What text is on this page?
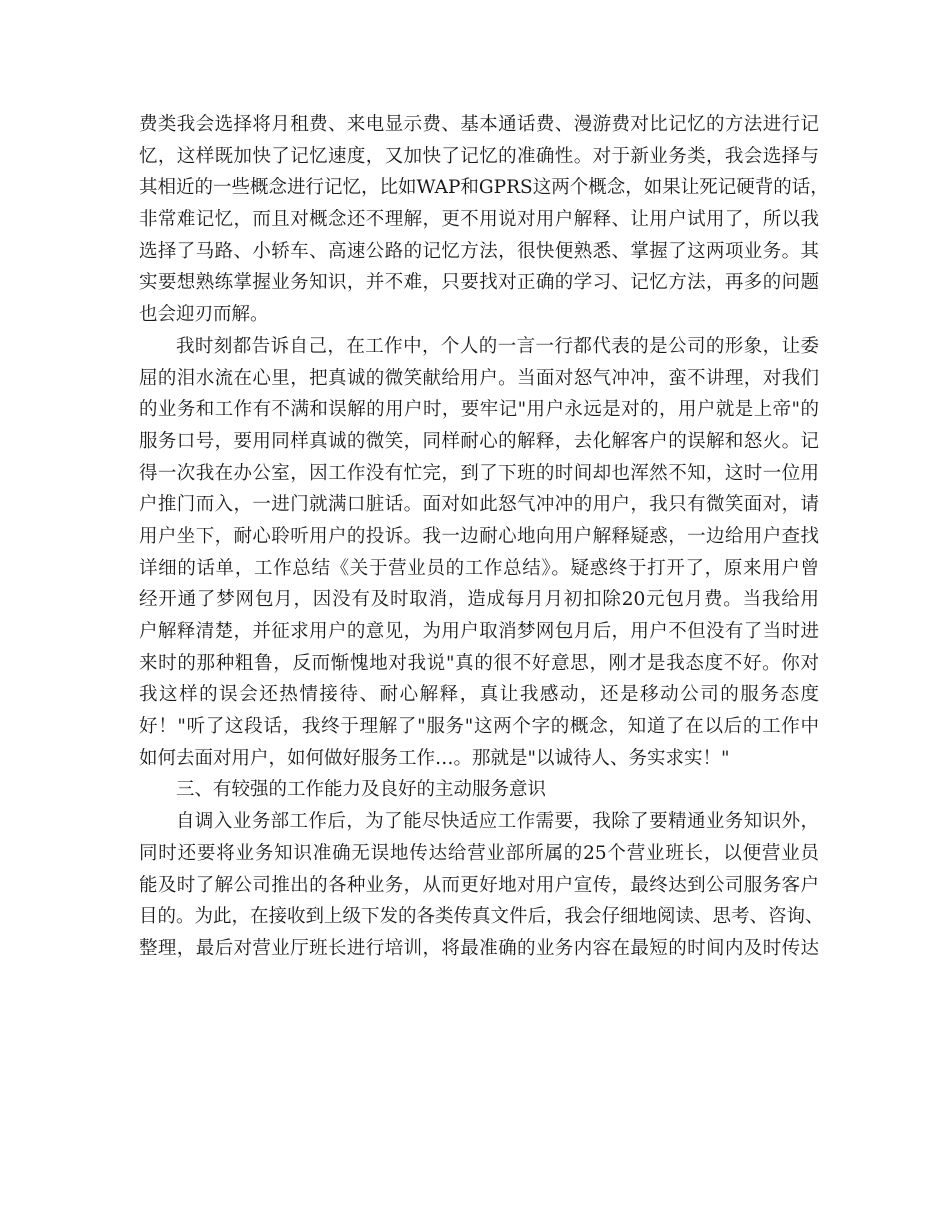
费类我会选择将月租费、来电显示费、基本通话费、漫游费对比记忆的方法进行记
忆，这样既加快了记忆速度，又加快了记忆的准确性。对于新业务类，我会选择与
其相近的一些概念进行记忆，比如WAP和GPRS这两个概念，如果让死记硬背的话，
非常难记忆，而且对概念还不理解，更不用说对用户解释、让用户试用了，所以我
选择了马路、小轿车、高速公路的记忆方法，很快便熟悉、掌握了这两项业务。其
实要想熟练掌握业务知识，并不难，只要找对正确的学习、记忆方法，再多的问题
也会迎刃而解。
我时刻都告诉自己，在工作中，个人的一言一行都代表的是公司的形象，让委
屈的泪水流在心里，把真诚的微笑献给用户。当面对怒气冲冲，蛮不讲理，对我们
的业务和工作有不满和误解的用户时，要牢记"用户永远是对的，用户就是上帝"的
服务口号，要用同样真诚的微笑，同样耐心的解释，去化解客户的误解和怒火。记
得一次我在办公室，因工作没有忙完，到了下班的时间却也浑然不知，这时一位用
户推门而入，一进门就满口脏话。面对如此怒气冲冲的用户，我只有微笑面对，请
用户坐下，耐心聆听用户的投诉。我一边耐心地向用户解释疑惑，一边给用户查找
详细的话单，工作总结《关于营业员的工作总结》。疑惑终于打开了，原来用户曾
经开通了梦网包月，因没有及时取消，造成每月月初扣除20元包月费。当我给用
户解释清楚，并征求用户的意见，为用户取消梦网包月后，用户不但没有了当时进
来时的那种粗鲁，反而惭愧地对我说"真的很不好意思，刚才是我态度不好。你对
我这样的误会还热情接待、耐心解释，真让我感动，还是移动公司的服务态度
好！"听了这段话，我终于理解了"服务"这两个字的概念，知道了在以后的工作中
如何去面对用户，如何做好服务工作…。那就是"以诚待人、务实求实！"
三、有较强的工作能力及良好的主动服务意识
自调入业务部工作后，为了能尽快适应工作需要，我除了要精通业务知识外，
同时还要将业务知识准确无误地传达给营业部所属的25个营业班长，以便营业员
能及时了解公司推出的各种业务，从而更好地对用户宣传，最终达到公司服务客户
目的。为此，在接收到上级下发的各类传真文件后，我会仔细地阅读、思考、咨询、
整理，最后对营业厅班长进行培训，将最准确的业务内容在最短的时间内及时传达
